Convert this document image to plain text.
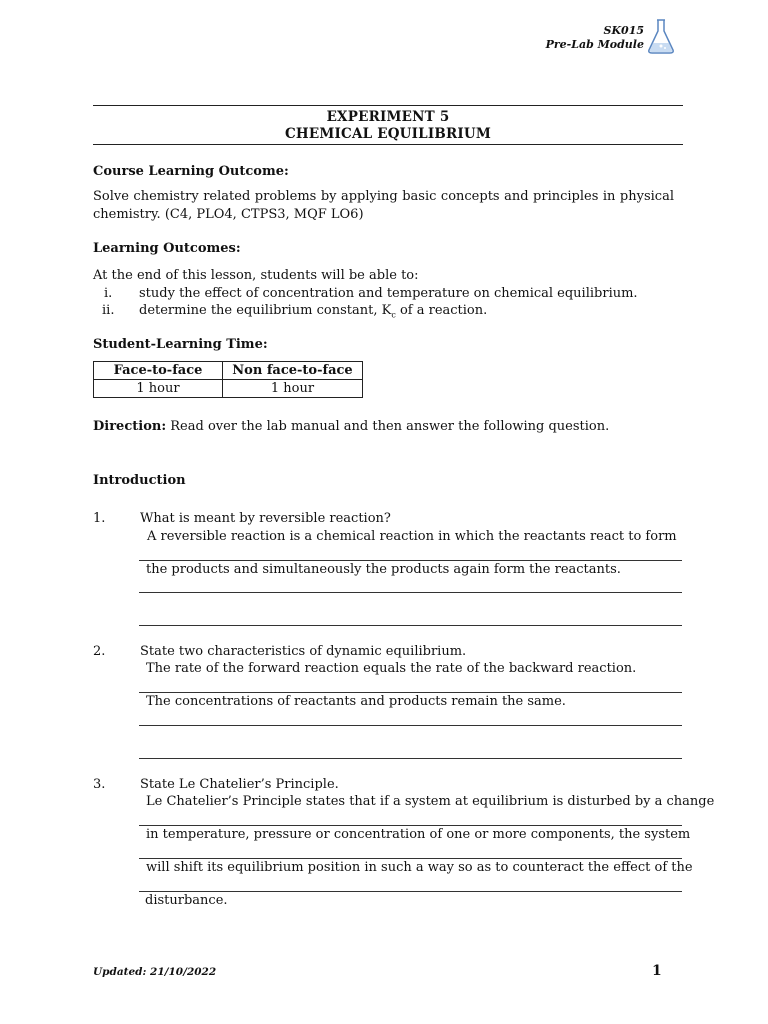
SK015
Pre-Lab Module
EXPERIMENT 5
CHEMICAL EQUILIBRIUM
Course Learning Outcome:
Solve chemistry related problems by applying basic concepts and principles in physical
chemistry. (C4, PLO4, CTPS3, MQF LO6)
Learning Outcomes:
At the end of this lesson, students will be able to:
i. study the effect of concentration and temperature on chemical equilibrium.
ii. determine the equilibrium constant, $K_c$ of a reaction.
Student-Learning Time:
Face-to-face	Non face-to-face
1 hour	1 hour
Direction: Read over the lab manual and then answer the following question.
Introduction
1.	What is meant by reversible reaction?
A reversible reaction is a chemical reaction in which the reactants react to form
the products and simultaneously the products again form the reactants.
2.	State two characteristics of dynamic equilibrium.
The rate of the forward reaction equals the rate of the backward reaction.
The concentrations of reactants and products remain the same.
3.	State Le Chatelier’s Principle.
Le Chatelier’s Principle states that if a system at equilibrium is disturbed by a change
in temperature, pressure or concentration of one or more components, the system
will shift its equilibrium position in such a way so as to counteract the effect of the
disturbance.
Updated: 21/10/2022	1
